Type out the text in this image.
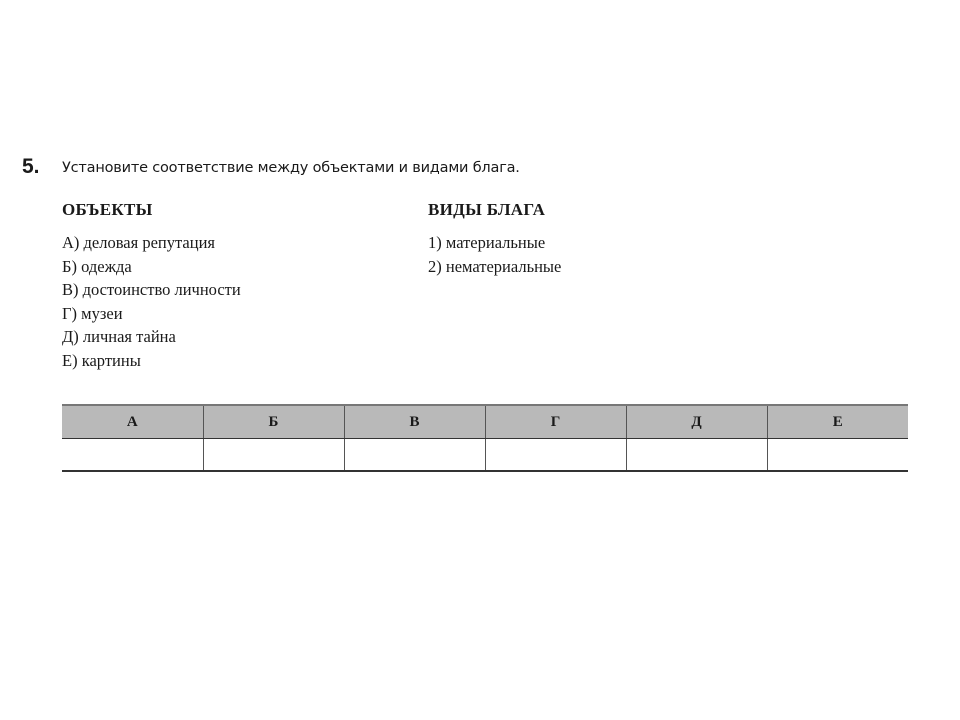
5. Установите соответствие между объектами и видами блага.
ОБЪЕКТЫ
А) деловая репутация
Б) одежда
В) достоинство личности
Г) музеи
Д) личная тайна
Е) картины
ВИДЫ БЛАГА
1) материальные
2) нематериальные
А	Б	В	Г	Д	Е
